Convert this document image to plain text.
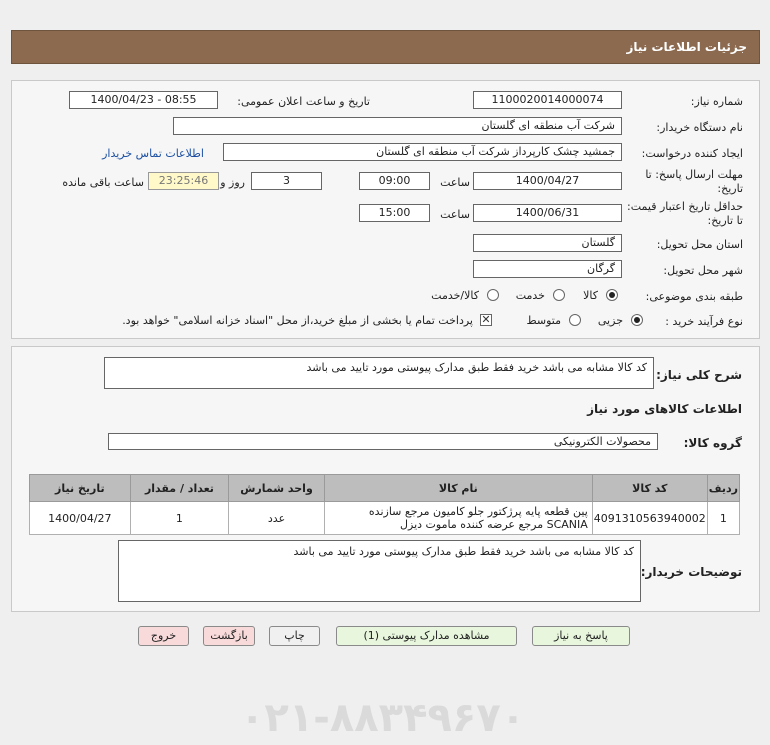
۰۲۱-۸۸۳۴۹۶۷۰
جزئیات اطلاعات نیاز
شماره نیاز:
1100020014000074
تاریخ و ساعت اعلان عمومی:
1400/04/23 - 08:55
نام دستگاه خریدار:
شرکت آب منطقه ای گلستان
ایجاد کننده درخواست:
جمشید چشک کارپرداز شرکت آب منطقه ای گلستان
اطلاعات تماس خریدار
مهلت ارسال پاسخ: تا تاریخ:
1400/04/27
ساعت
09:00
3
روز و
23:25:46
ساعت باقی مانده
حداقل تاریخ اعتبار قیمت: تا تاریخ:
1400/06/31
ساعت
15:00
استان محل تحویل:
گلستان
شهر محل تحویل:
گرگان
طبقه بندی موضوعی:
کالا
خدمت
کالا/خدمت
نوع فرآیند خرید :
جزیی
متوسط
✕
پرداخت تمام یا بخشی از مبلغ خرید،از محل "اسناد خزانه اسلامی" خواهد بود.
شرح کلی نیاز:
کد کالا مشابه می باشد خرید فقط طبق مدارک پیوستی مورد تایید می باشد
اطلاعات کالاهای مورد نیاز
گروه کالا:
محصولات الکترونیکی
ردیف	کد کالا	نام کالا	واحد شمارش	تعداد / مقدار	تاریخ نیاز
1	4091310563940002	پین قطعه پایه پرژکتور جلو کامیون مرجع سازنده SCANIA مرجع عرضه کننده ماموت دیزل	عدد	1	1400/04/27
توضیحات خریدار:
کد کالا مشابه می باشد خرید فقط طبق مدارک پیوستی مورد تایید می باشد
پاسخ به نیاز
مشاهده مدارک پیوستی (1)
چاپ
بازگشت
خروج
